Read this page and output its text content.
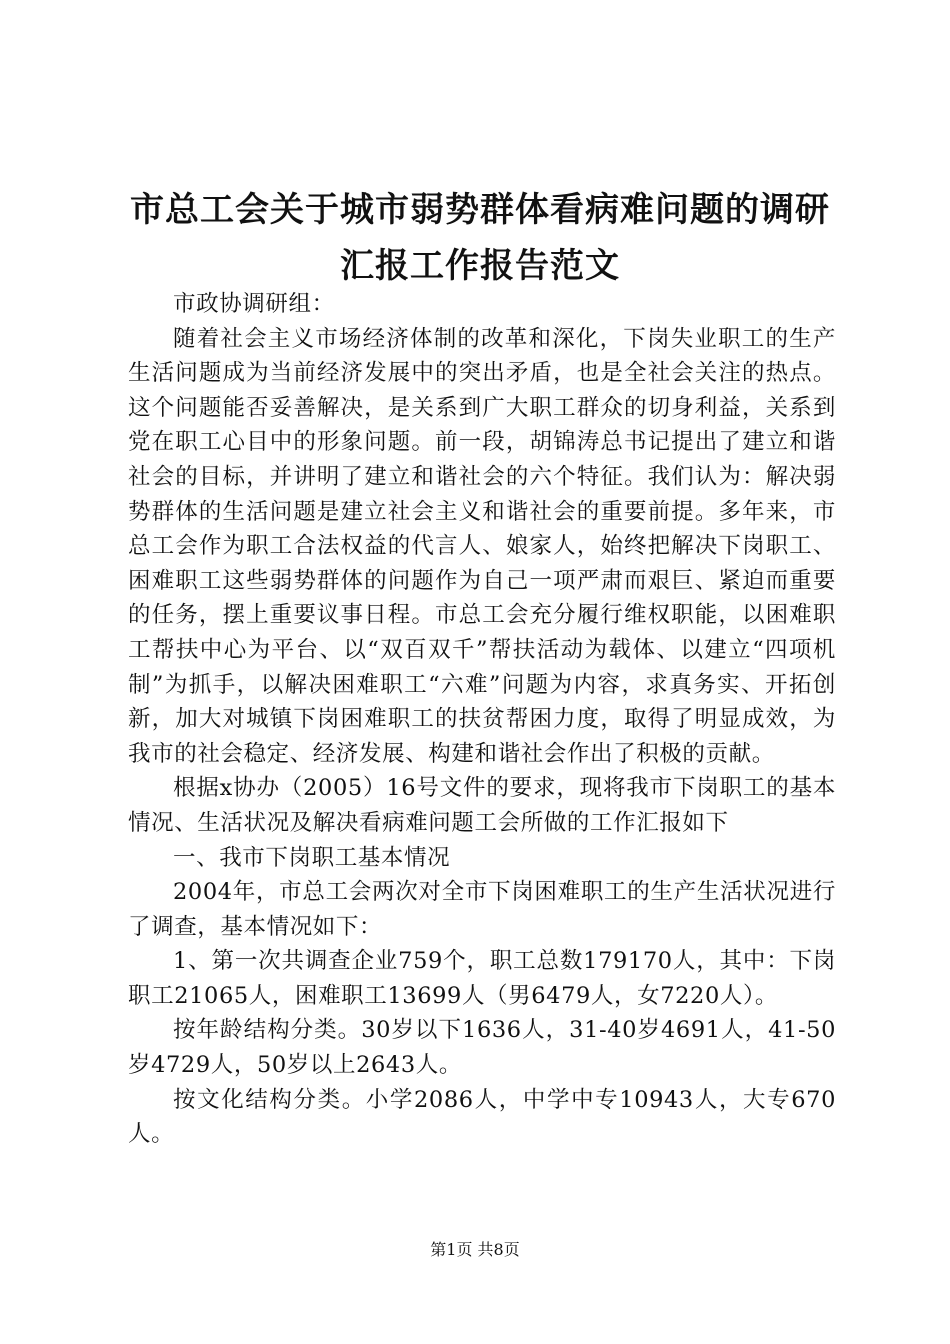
市总工会关于城市弱势群体看病难问题的调研
汇报工作报告范文

市政协调研组：

随着社会主义市场经济体制的改革和深化，下岗失业职工的生产生活问题成为当前经济发展中的突出矛盾，也是全社会关注的热点。这个问题能否妥善解决，是关系到广大职工群众的切身利益，关系到党在职工心目中的形象问题。前一段，胡锦涛总书记提出了建立和谐社会的目标，并讲明了建立和谐社会的六个特征。我们认为：解决弱势群体的生活问题是建立社会主义和谐社会的重要前提。多年来，市总工会作为职工合法权益的代言人、娘家人，始终把解决下岗职工、困难职工这些弱势群体的问题作为自己一项严肃而艰巨、紧迫而重要的任务，摆上重要议事日程。市总工会充分履行维权职能，以困难职工帮扶中心为平台、以“双百双千”帮扶活动为载体、以建立“四项机制”为抓手，以解决困难职工“六难”问题为内容，求真务实、开拓创新，加大对城镇下岗困难职工的扶贫帮困力度，取得了明显成效，为我市的社会稳定、经济发展、构建和谐社会作出了积极的贡献。

根据x协办（2005）16号文件的要求，现将我市下岗职工的基本情况、生活状况及解决看病难问题工会所做的工作汇报如下

一、我市下岗职工基本情况

2004年，市总工会两次对全市下岗困难职工的生产生活状况进行了调查，基本情况如下：

1、第一次共调查企业759个，职工总数179170人，其中：下岗职工21065人，困难职工13699人（男6479人，女7220人）。

按年龄结构分类。30岁以下1636人，31-40岁4691人，41-50岁4729人，50岁以上2643人。

按文化结构分类。小学2086人，中学中专10943人，大专670人。

第1页 共8页
